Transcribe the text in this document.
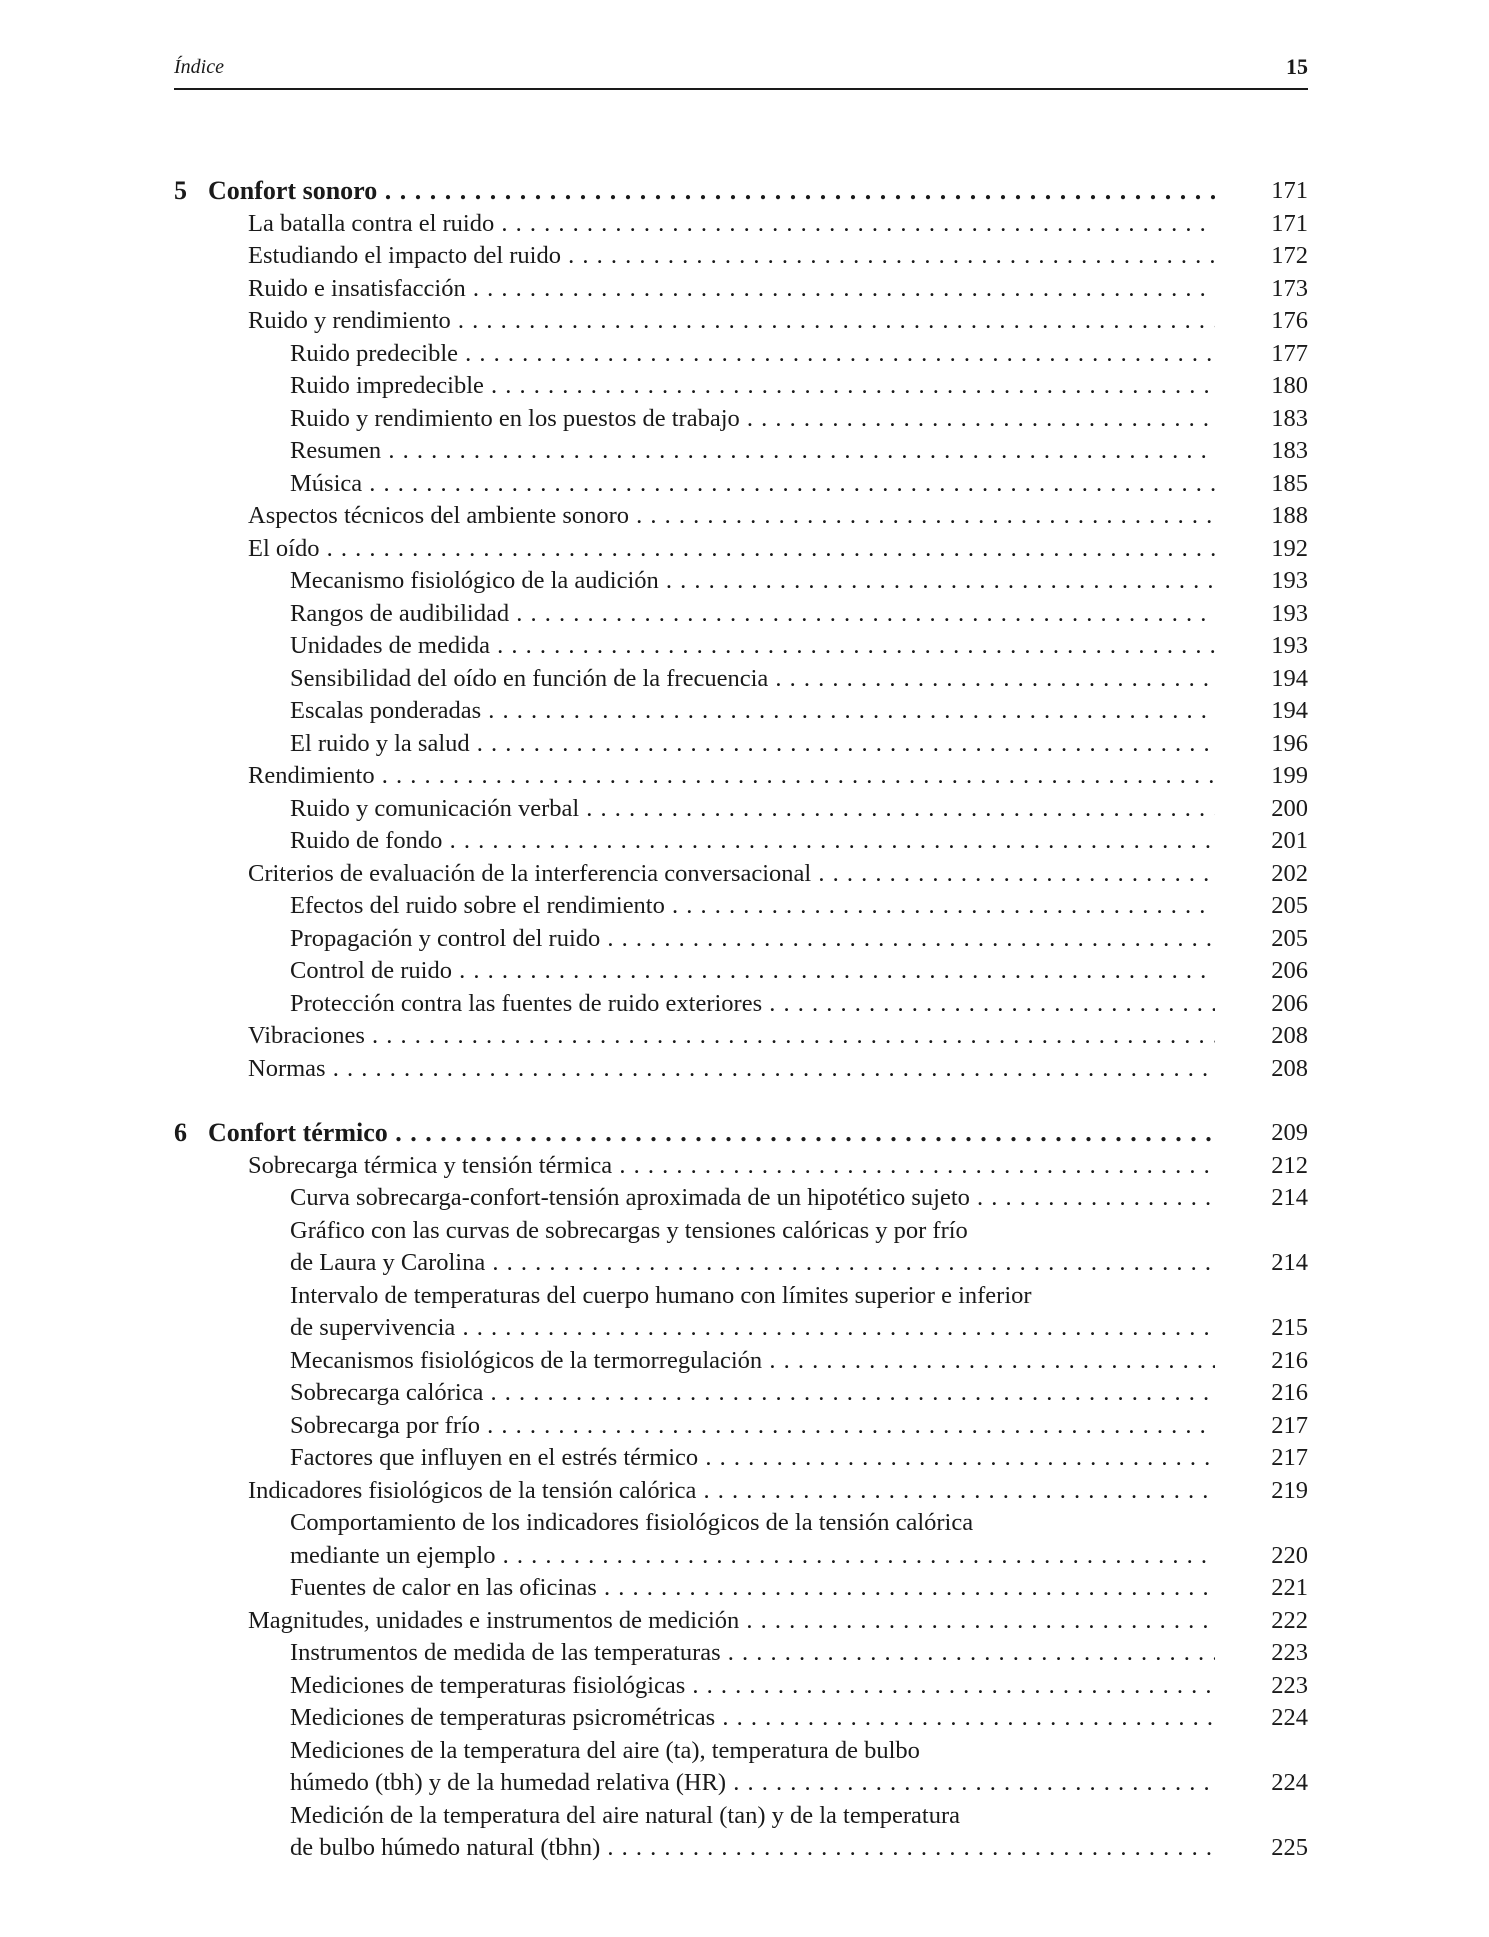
Índice	15
5 Confort sonoro . . .	171
La batalla contra el ruido . . .	171
Estudiando el impacto del ruido . . .	172
Ruido e insatisfacción . . .	173
Ruido y rendimiento . . .	176
Ruido predecible . . .	177
Ruido impredecible . . .	180
Ruido y rendimiento en los puestos de trabajo . . .	183
Resumen . . .	183
Música . . .	185
Aspectos técnicos del ambiente sonoro . . .	188
El oído . . .	192
Mecanismo fisiológico de la audición . . .	193
Rangos de audibilidad . . .	193
Unidades de medida . . .	193
Sensibilidad del oído en función de la frecuencia . . .	194
Escalas ponderadas . . .	194
El ruido y la salud . . .	196
Rendimiento . . .	199
Ruido y comunicación verbal . . .	200
Ruido de fondo . . .	201
Criterios de evaluación de la interferencia conversacional . . .	202
Efectos del ruido sobre el rendimiento . . .	205
Propagación y control del ruido . . .	205
Control de ruido . . .	206
Protección contra las fuentes de ruido exteriores . . .	206
Vibraciones . . .	208
Normas . . .	208
6 Confort térmico . . .	209
Sobrecarga térmica y tensión térmica . . .	212
Curva sobrecarga-confort-tensión aproximada de un hipotético sujeto . . .	214
Gráfico con las curvas de sobrecargas y tensiones calóricas y por frío
de Laura y Carolina . . .	214
Intervalo de temperaturas del cuerpo humano con límites superior e inferior
de supervivencia . . .	215
Mecanismos fisiológicos de la termorregulación . . .	216
Sobrecarga calórica . . .	216
Sobrecarga por frío . . .	217
Factores que influyen en el estrés térmico . . .	217
Indicadores fisiológicos de la tensión calórica . . .	219
Comportamiento de los indicadores fisiológicos de la tensión calórica
mediante un ejemplo . . .	220
Fuentes de calor en las oficinas . . .	221
Magnitudes, unidades e instrumentos de medición . . .	222
Instrumentos de medida de las temperaturas . . .	223
Mediciones de temperaturas fisiológicas . . .	223
Mediciones de temperaturas psicrométricas . . .	224
Mediciones de la temperatura del aire (ta), temperatura de bulbo
húmedo (tbh) y de la humedad relativa (HR) . . .	224
Medición de la temperatura del aire natural (tan) y de la temperatura
de bulbo húmedo natural (tbhn) . . .	225
